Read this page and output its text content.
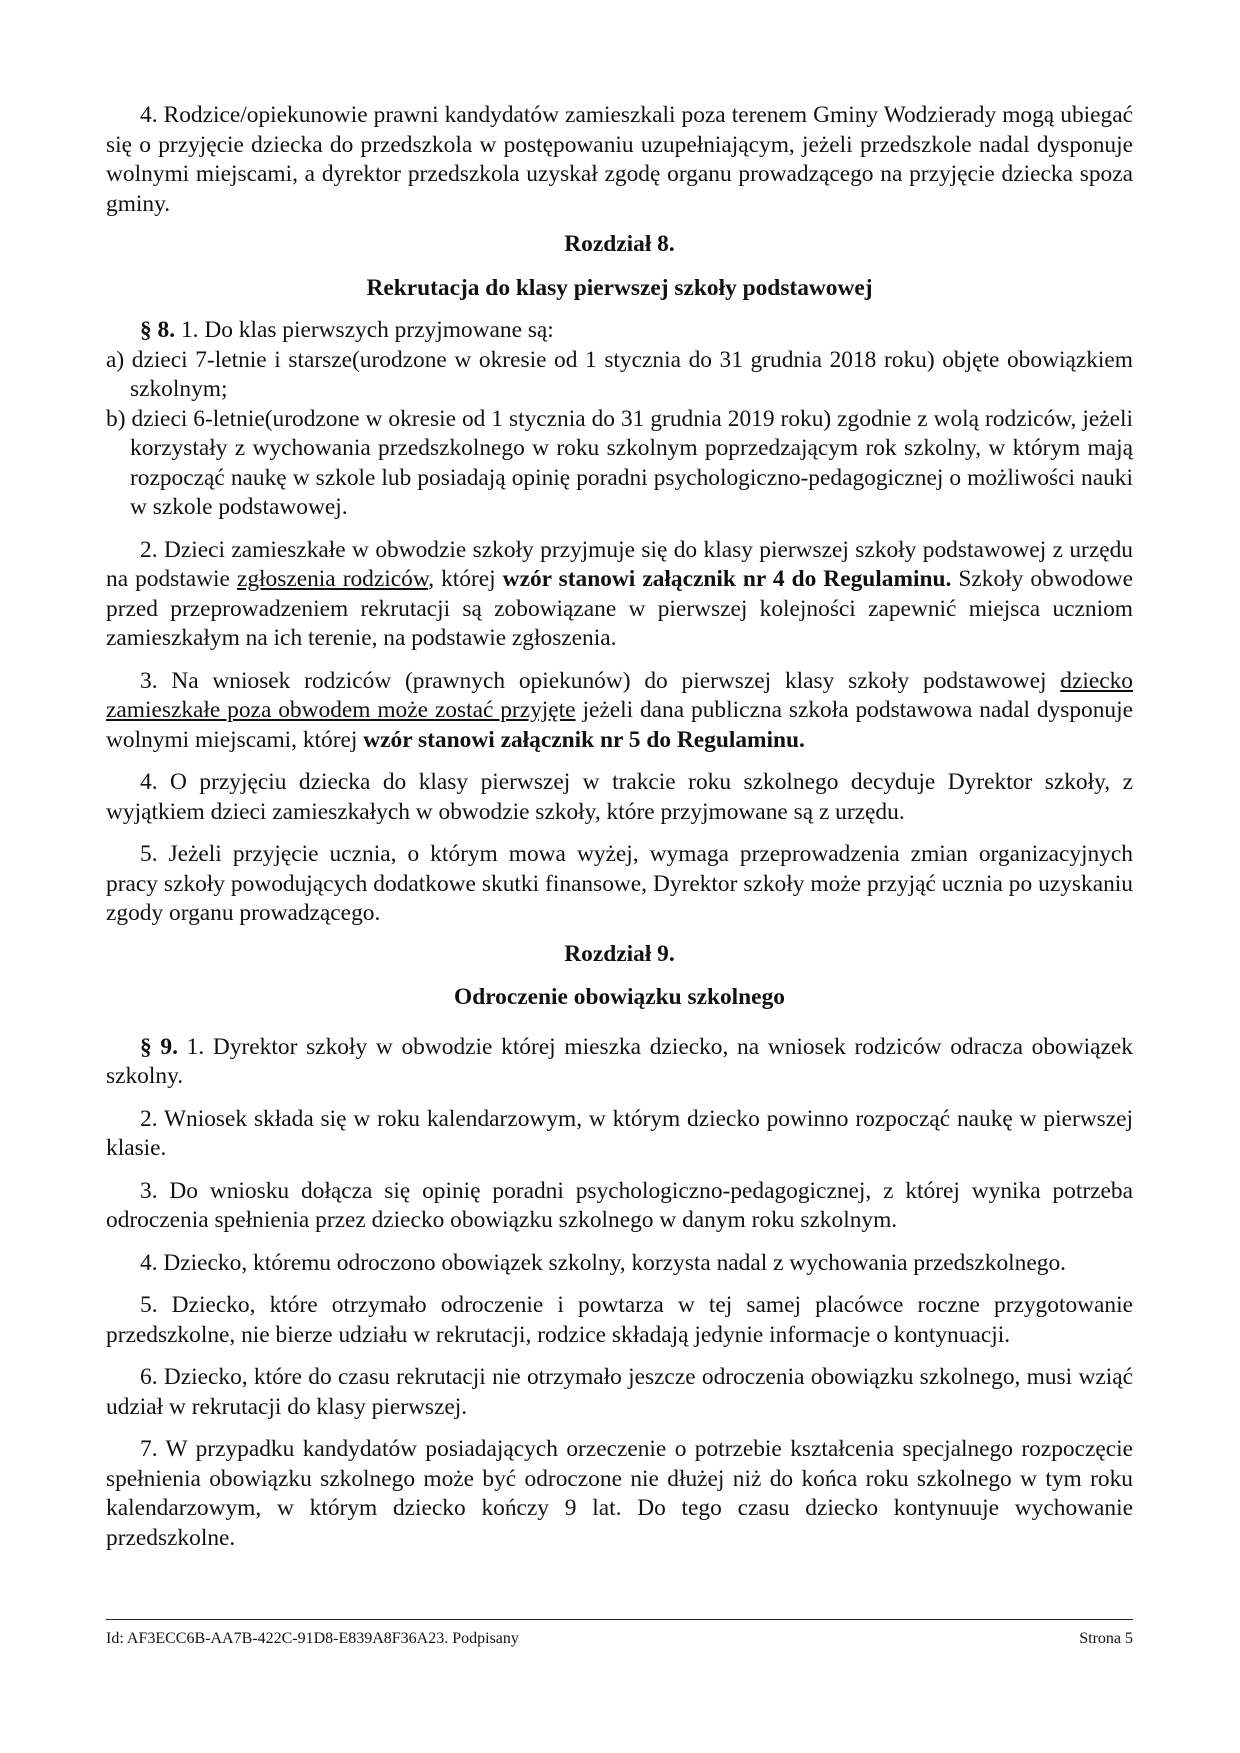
4. Rodzice/opiekunowie prawni kandydatów zamieszkali poza terenem Gminy Wodzierady mogą ubiegać się o przyjęcie dziecka do przedszkola w postępowaniu uzupełniającym, jeżeli przedszkole nadal dysponuje wolnymi miejscami, a dyrektor przedszkola uzyskał zgodę organu prowadzącego na przyjęcie dziecka spoza gminy.

Rozdział 8.

Rekrutacja do klasy pierwszej szkoły podstawowej

§ 8. 1. Do klas pierwszych przyjmowane są:

a) dzieci 7-letnie i starsze(urodzone w okresie od 1 stycznia do 31 grudnia 2018 roku) objęte obowiązkiem szkolnym;

b) dzieci 6-letnie(urodzone w okresie od 1 stycznia do 31 grudnia 2019 roku) zgodnie z wolą rodziców, jeżeli korzystały z wychowania przedszkolnego w roku szkolnym poprzedzającym rok szkolny, w którym mają rozpocząć naukę w szkole lub posiadają opinię poradni psychologiczno-pedagogicznej o możliwości nauki w szkole podstawowej.

2. Dzieci zamieszkałe w obwodzie szkoły przyjmuje się do klasy pierwszej szkoły podstawowej z urzędu na podstawie zgłoszenia rodziców, której wzór stanowi załącznik nr 4 do Regulaminu. Szkoły obwodowe przed przeprowadzeniem rekrutacji są zobowiązane w pierwszej kolejności zapewnić miejsca uczniom zamieszkałym na ich terenie, na podstawie zgłoszenia.

3. Na wniosek rodziców (prawnych opiekunów) do pierwszej klasy szkoły podstawowej dziecko zamieszkałe poza obwodem może zostać przyjęte jeżeli dana publiczna szkoła podstawowa nadal dysponuje wolnymi miejscami, której wzór stanowi załącznik nr 5 do Regulaminu.

4. O przyjęciu dziecka do klasy pierwszej w trakcie roku szkolnego decyduje Dyrektor szkoły, z wyjątkiem dzieci zamieszkałych w obwodzie szkoły, które przyjmowane są z urzędu.

5. Jeżeli przyjęcie ucznia, o którym mowa wyżej, wymaga przeprowadzenia zmian organizacyjnych pracy szkoły powodujących dodatkowe skutki finansowe, Dyrektor szkoły może przyjąć ucznia po uzyskaniu zgody organu prowadzącego.

Rozdział 9.

Odroczenie obowiązku szkolnego

§ 9. 1. Dyrektor szkoły w obwodzie której mieszka dziecko, na wniosek rodziców odracza obowiązek szkolny.

2. Wniosek składa się w roku kalendarzowym, w którym dziecko powinno rozpocząć naukę w pierwszej klasie.

3. Do wniosku dołącza się opinię poradni psychologiczno-pedagogicznej, z której wynika potrzeba odroczenia spełnienia przez dziecko obowiązku szkolnego w danym roku szkolnym.

4. Dziecko, któremu odroczono obowiązek szkolny, korzysta nadal z wychowania przedszkolnego.

5. Dziecko, które otrzymało odroczenie i powtarza w tej samej placówce roczne przygotowanie przedszkolne, nie bierze udziału w rekrutacji, rodzice składają jedynie informacje o kontynuacji.

6. Dziecko, które do czasu rekrutacji nie otrzymało jeszcze odroczenia obowiązku szkolnego, musi wziąć udział w rekrutacji do klasy pierwszej.

7. W przypadku kandydatów posiadających orzeczenie o potrzebie kształcenia specjalnego rozpoczęcie spełnienia obowiązku szkolnego może być odroczone nie dłużej niż do końca roku szkolnego w tym roku kalendarzowym, w którym dziecko kończy 9 lat. Do tego czasu dziecko kontynuuje wychowanie przedszkolne.

Id: AF3ECC6B-AA7B-422C-91D8-E839A8F36A23. Podpisany	Strona 5
